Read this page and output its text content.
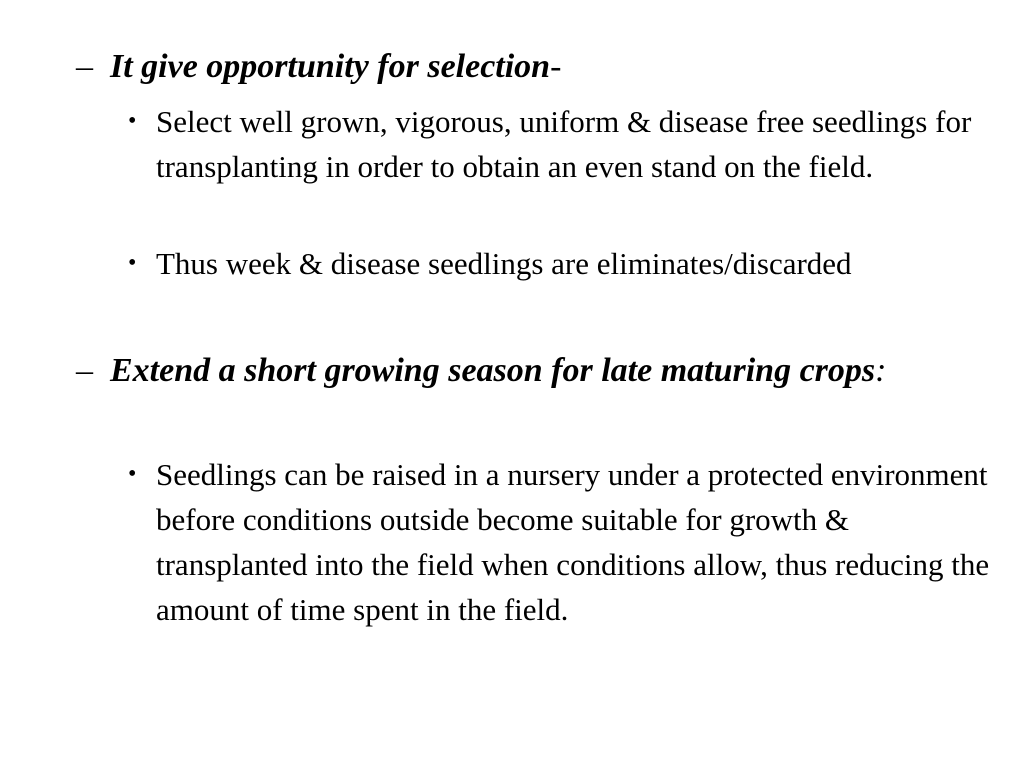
– It give opportunity for selection-
• Select well grown, vigorous, uniform & disease free seedlings for transplanting in order to obtain an even stand on the field.
• Thus week & disease seedlings are eliminates/discarded
– Extend a short growing season for late maturing crops:
• Seedlings can be raised in a nursery under a protected environment before conditions outside become suitable for growth & transplanted into the field when conditions allow, thus reducing the amount of time spent in the field.
